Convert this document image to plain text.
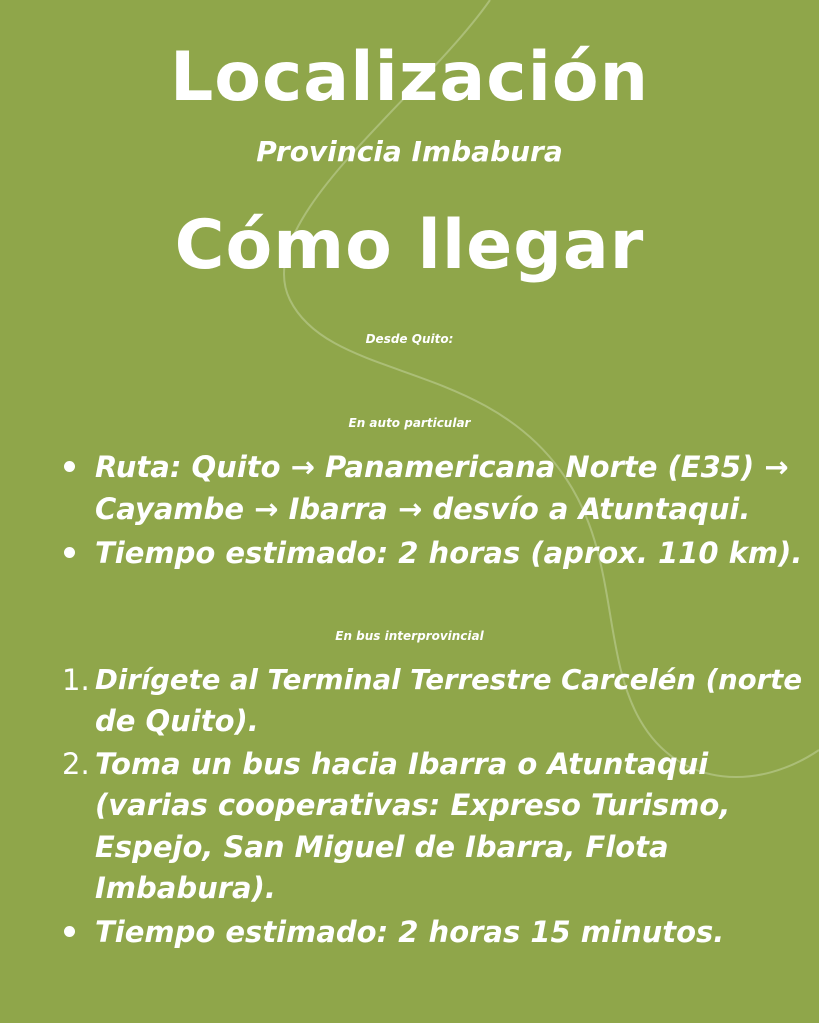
Localización
Provincia Imbabura
Cómo llegar
Desde Quito:
En auto particular
Ruta: Quito → Panamericana Norte (E35) →
Cayambe → Ibarra → desvío a Atuntaqui.
Tiempo estimado: 2 horas (aprox. 110 km).
En bus interprovincial
1. Dirígete al Terminal Terrestre Carcelén (norte
de Quito).
2. Toma un bus hacia Ibarra o Atuntaqui
(varias cooperativas: Expreso Turismo,
Espejo, San Miguel de Ibarra, Flota
Imbabura).
Tiempo estimado: 2 horas 15 minutos.
